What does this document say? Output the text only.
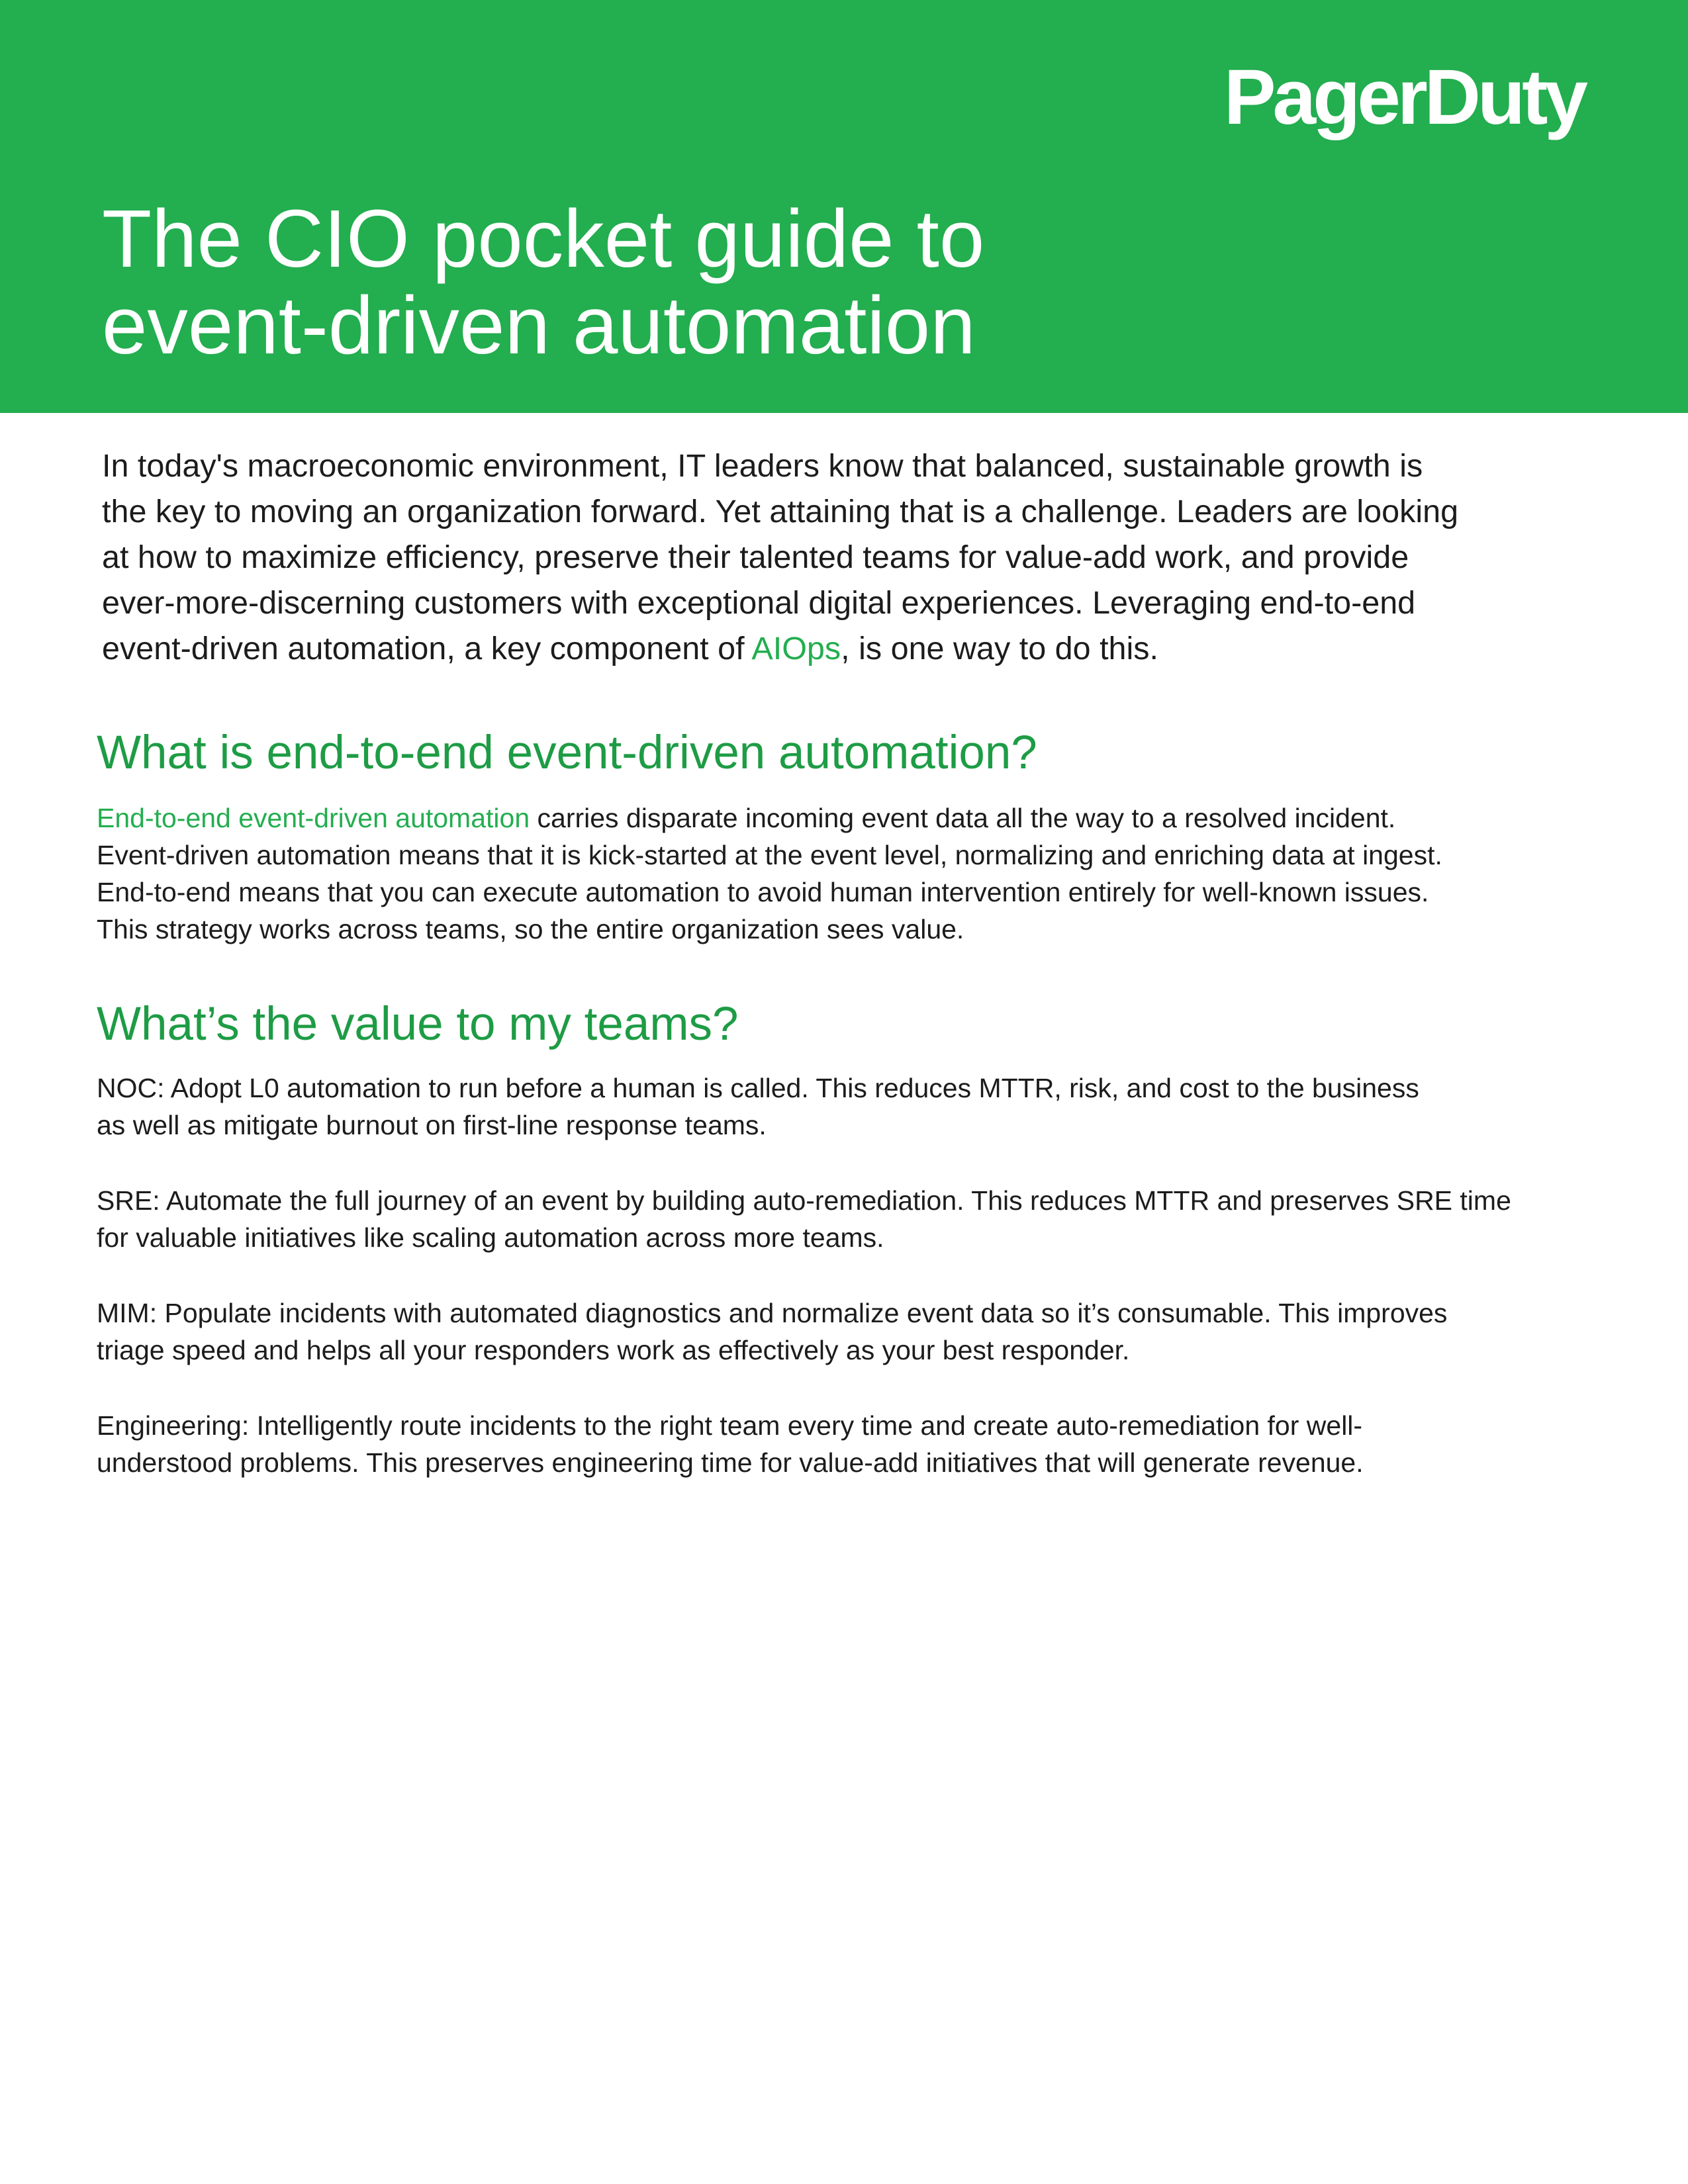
PagerDuty
The CIO pocket guide to
event-driven automation

In today's macroeconomic environment, IT leaders know that balanced, sustainable growth is
the key to moving an organization forward. Yet attaining that is a challenge. Leaders are looking
at how to maximize efficiency, preserve their talented teams for value-add work, and provide
ever-more-discerning customers with exceptional digital experiences. Leveraging end-to-end
event-driven automation, a key component of AIOps, is one way to do this.

What is end-to-end event-driven automation?

End-to-end event-driven automation carries disparate incoming event data all the way to a resolved incident.
Event-driven automation means that it is kick-started at the event level, normalizing and enriching data at ingest.
End-to-end means that you can execute automation to avoid human intervention entirely for well-known issues.
This strategy works across teams, so the entire organization sees value.

What’s the value to my teams?

NOC: Adopt L0 automation to run before a human is called. This reduces MTTR, risk, and cost to the business
as well as mitigate burnout on first-line response teams.

SRE: Automate the full journey of an event by building auto-remediation. This reduces MTTR and preserves SRE time
for valuable initiatives like scaling automation across more teams.

MIM: Populate incidents with automated diagnostics and normalize event data so it’s consumable. This improves
triage speed and helps all your responders work as effectively as your best responder.

Engineering: Intelligently route incidents to the right team every time and create auto-remediation for well-
understood problems. This preserves engineering time for value-add initiatives that will generate revenue.
